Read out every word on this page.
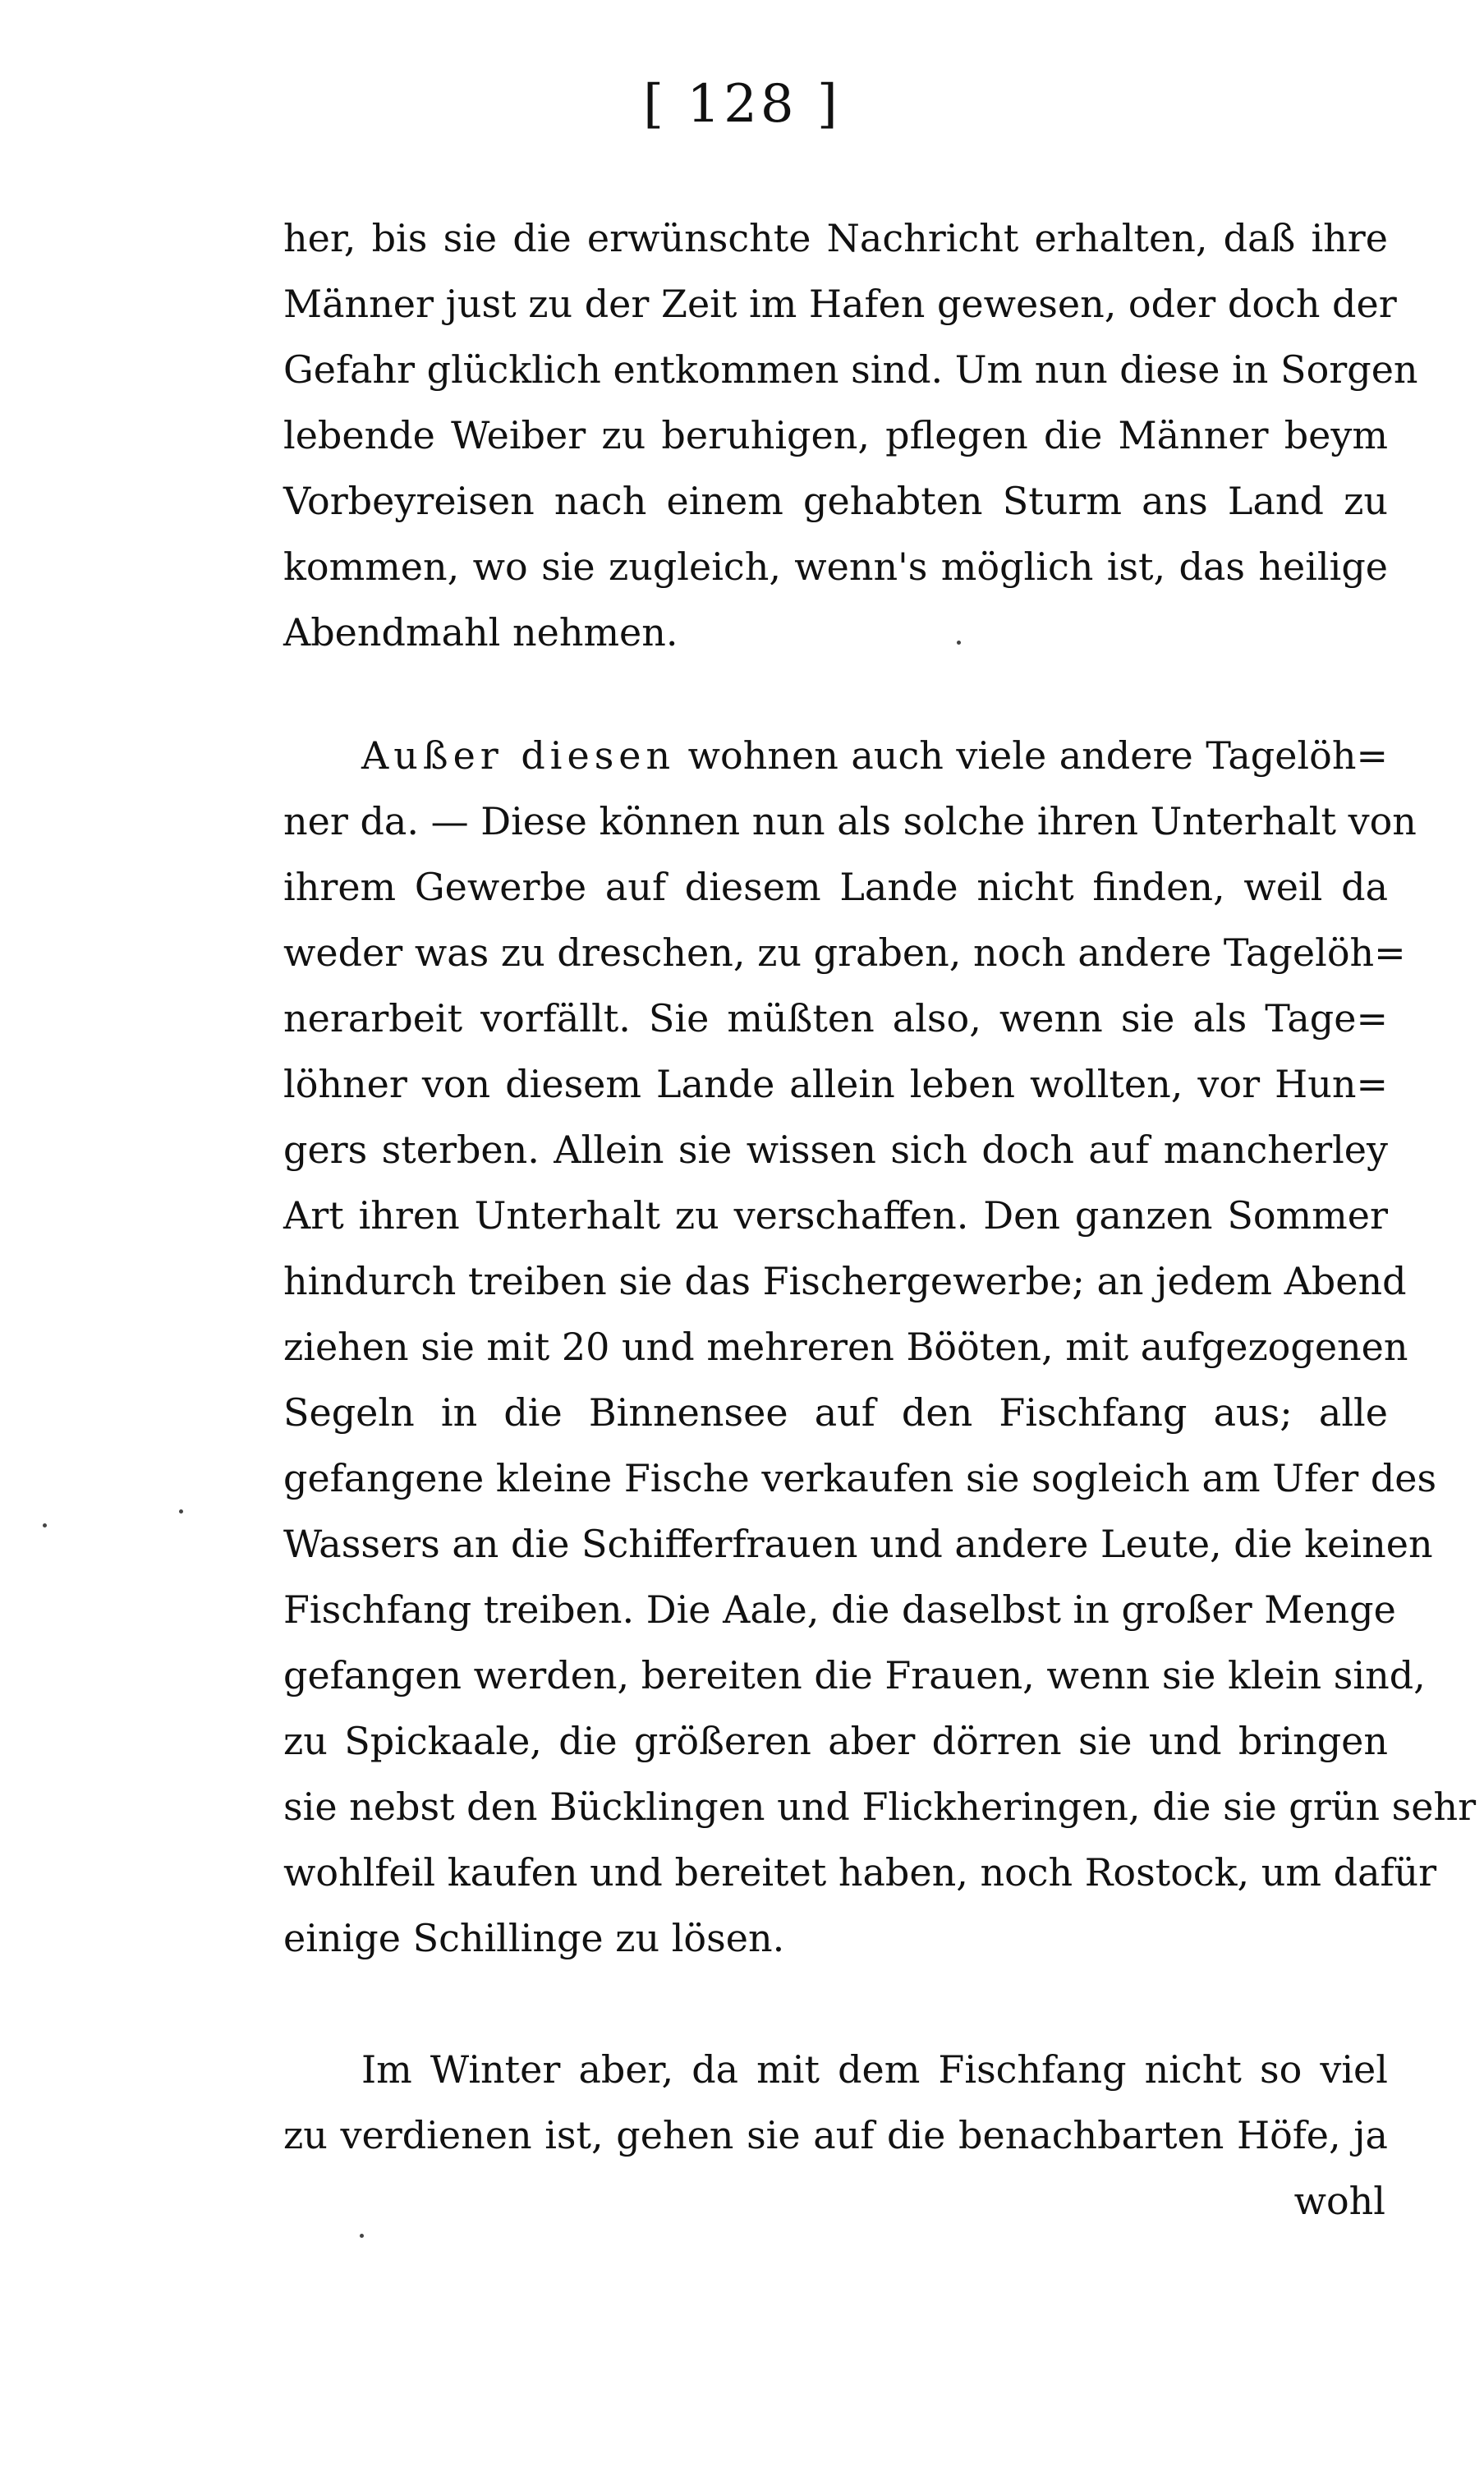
[ 128 ]
her, bis sie die erwünschte Nachricht erhalten, daß ihre
Männer just zu der Zeit im Hafen gewesen, oder doch der
Gefahr glücklich entkommen sind. Um nun diese in Sorgen
lebende Weiber zu beruhigen, pflegen die Männer beym
Vorbeyreisen nach einem gehabten Sturm ans Land zu
kommen, wo sie zugleich, wenn's möglich ist, das heilige
Abendmahl nehmen.
Außer diesen wohnen auch viele andere Tagelöh=
ner da. — Diese können nun als solche ihren Unterhalt von
ihrem Gewerbe auf diesem Lande nicht finden, weil da
weder was zu dreschen, zu graben, noch andere Tagelöh=
nerarbeit vorfällt. Sie müßten also, wenn sie als Tage=
löhner von diesem Lande allein leben wollten, vor Hun=
gers sterben. Allein sie wissen sich doch auf mancherley
Art ihren Unterhalt zu verschaffen. Den ganzen Sommer
hindurch treiben sie das Fischergewerbe; an jedem Abend
ziehen sie mit 20 und mehreren Bööten, mit aufgezogenen
Segeln in die Binnensee auf den Fischfang aus; alle
gefangene kleine Fische verkaufen sie sogleich am Ufer des
Wassers an die Schifferfrauen und andere Leute, die keinen
Fischfang treiben. Die Aale, die daselbst in großer Menge
gefangen werden, bereiten die Frauen, wenn sie klein sind,
zu Spickaale, die größeren aber dörren sie und bringen
sie nebst den Bücklingen und Flickheringen, die sie grün sehr
wohlfeil kaufen und bereitet haben, noch Rostock, um dafür
einige Schillinge zu lösen.
Im Winter aber, da mit dem Fischfang nicht so viel
zu verdienen ist, gehen sie auf die benachbarten Höfe, ja
wohl
